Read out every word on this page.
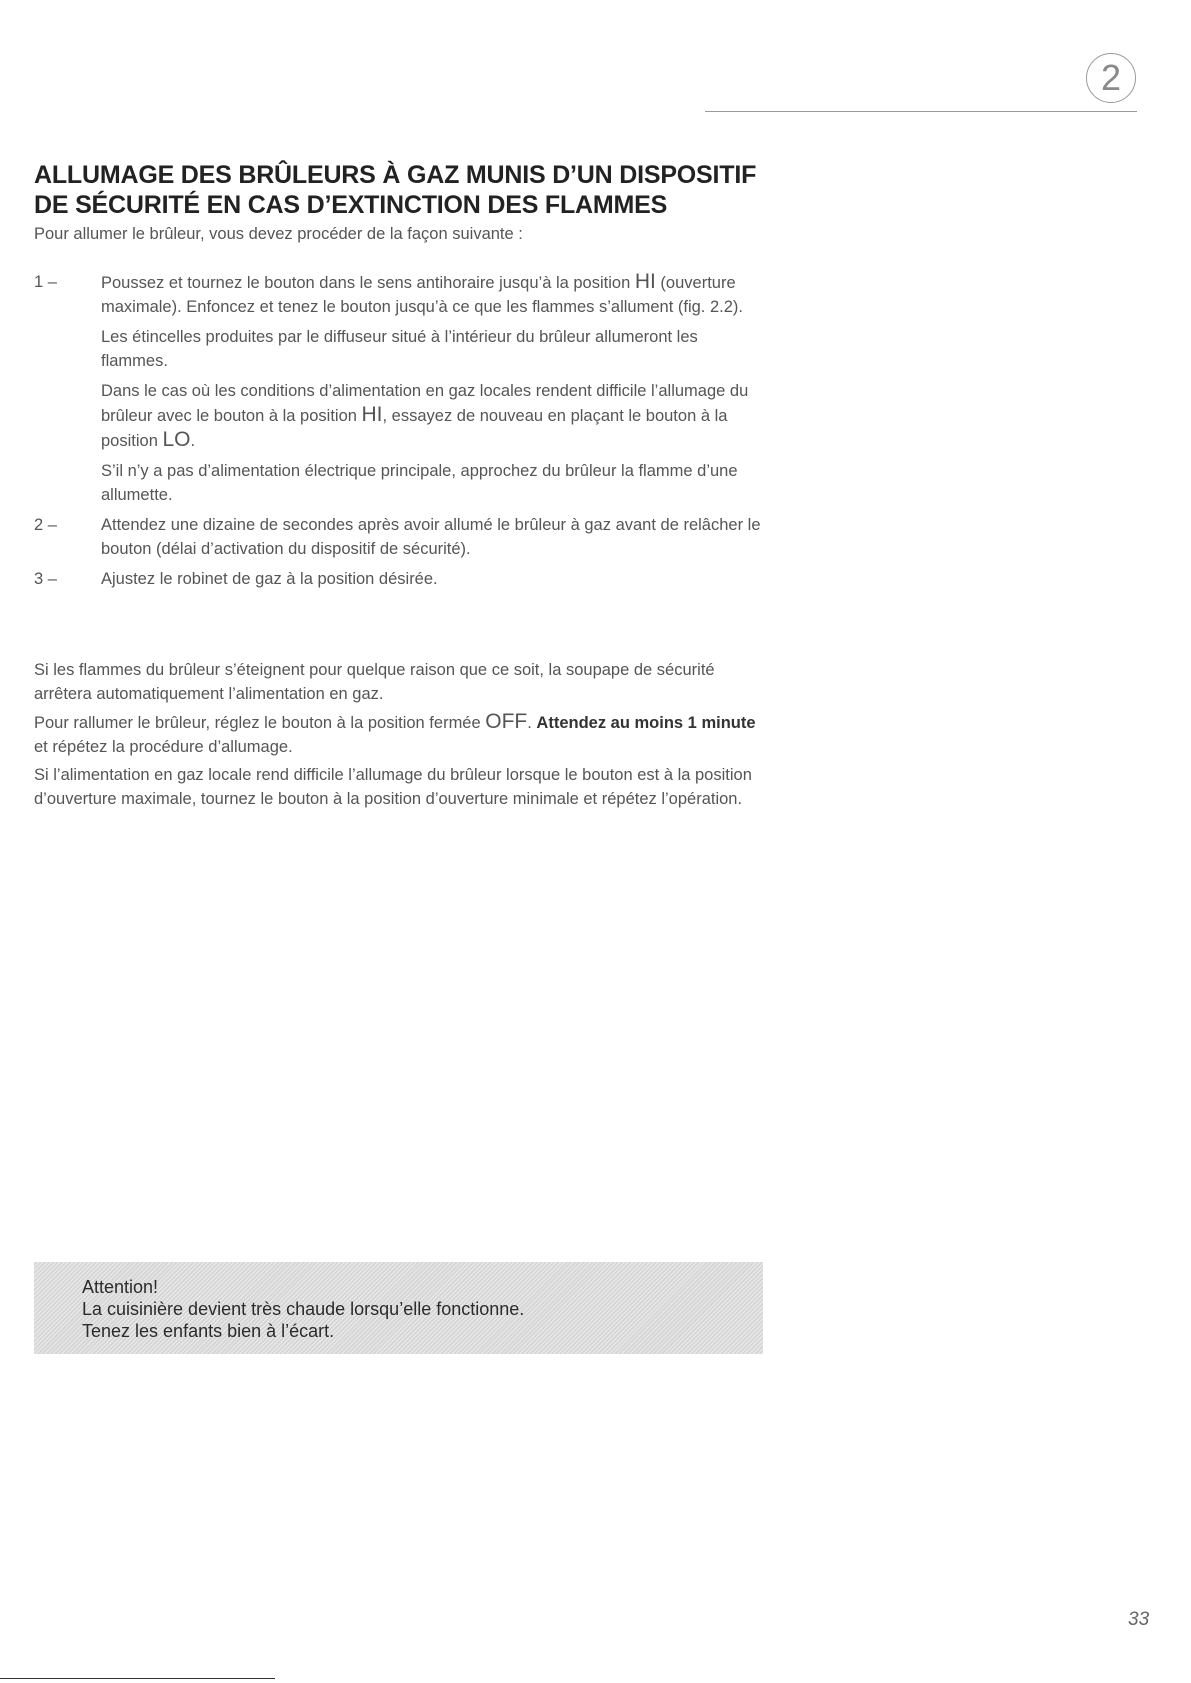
2
ALLUMAGE DES BRÛLEURS À GAZ MUNIS D’UN DISPOSITIF
DE SÉCURITÉ EN CAS D’EXTINCTION DES FLAMMES
Pour allumer le brûleur, vous devez procéder de la façon suivante :
1 –	Poussez et tournez le bouton dans le sens antihoraire jusqu’à la position HI (ouverture maximale). Enfoncez et tenez le bouton jusqu’à ce que les flammes s’allument (fig. 2.2).

Les étincelles produites par le diffuseur situé à l’intérieur du brûleur allumeront les flammes.

Dans le cas où les conditions d’alimentation en gaz locales rendent difficile l’allumage du brûleur avec le bouton à la position HI, essayez de nouveau en plaçant le bouton à la position LO.

S’il n’y a pas d’alimentation électrique principale, approchez du brûleur la flamme d’une allumette.

2 –	Attendez une dizaine de secondes après avoir allumé le brûleur à gaz avant de relâcher le bouton (délai d’activation du dispositif de sécurité).

3 –	Ajustez le robinet de gaz à la position désirée.

Si les flammes du brûleur s’éteignent pour quelque raison que ce soit, la soupape de sécurité arrêtera automatiquement l’alimentation en gaz.

Pour rallumer le brûleur, réglez le bouton à la position fermée OFF. Attendez au moins 1 minute et répétez la procédure d’allumage.

Si l’alimentation en gaz locale rend difficile l’allumage du brûleur lorsque le bouton est à la position d’ouverture maximale, tournez le bouton à la position d’ouverture minimale et répétez l’opération.

Attention!
La cuisinière devient très chaude lorsqu’elle fonctionne.
Tenez les enfants bien à l’écart.
33
